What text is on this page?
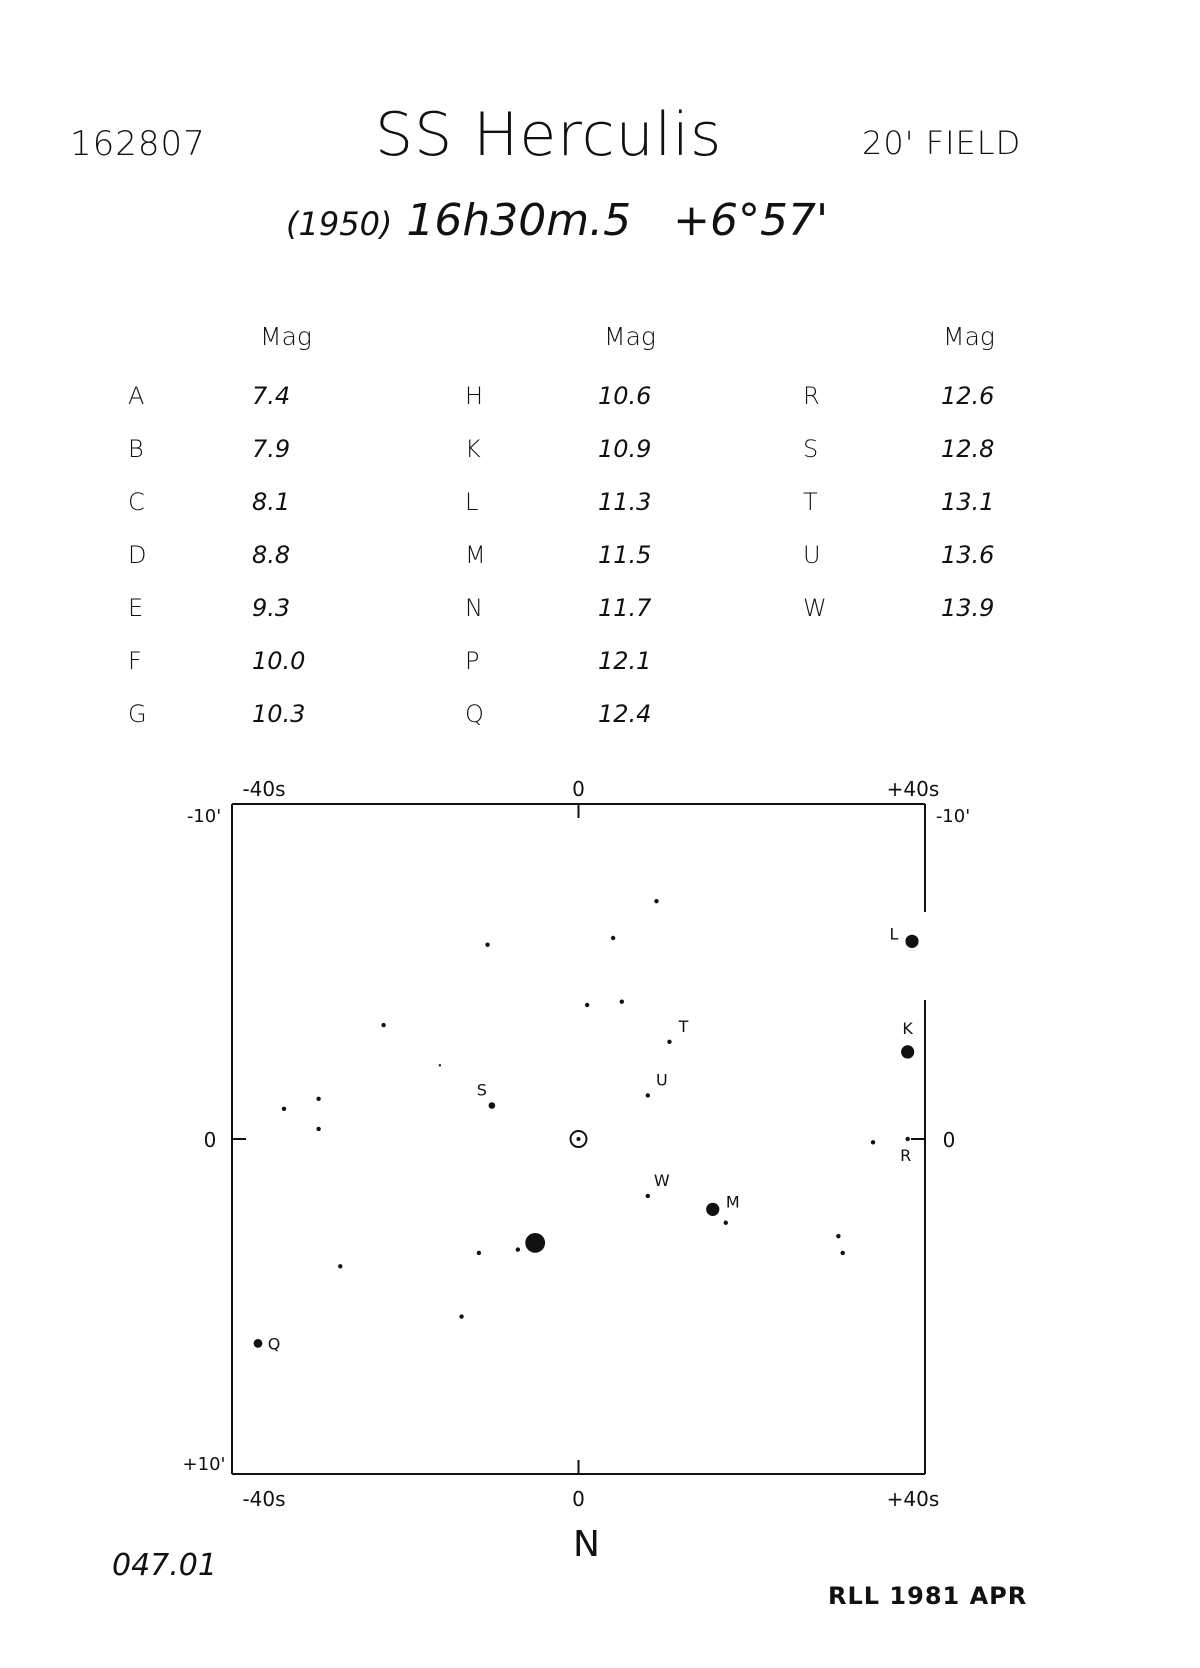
162807	SS Herculis	20' FIELD
(1950) 16h30m.5 +6°57'
Mag
A	7.4
B	7.9
C	8.1
D	8.8
E	9.3
F	10.0
G	10.3
Mag
H	10.6
K	10.9
L	11.3
M	11.5
N	11.7
P	12.1
Q	12.4
Mag
R	12.6
S	12.8
T	13.1
U	13.6
W	13.9
-40s	0	+40s
-40s	0	+40s
-10'	-10'
0	0
+10'
N
T
S
U
L
K
R
W
M
Q
047.01
RLL 1981 APR
